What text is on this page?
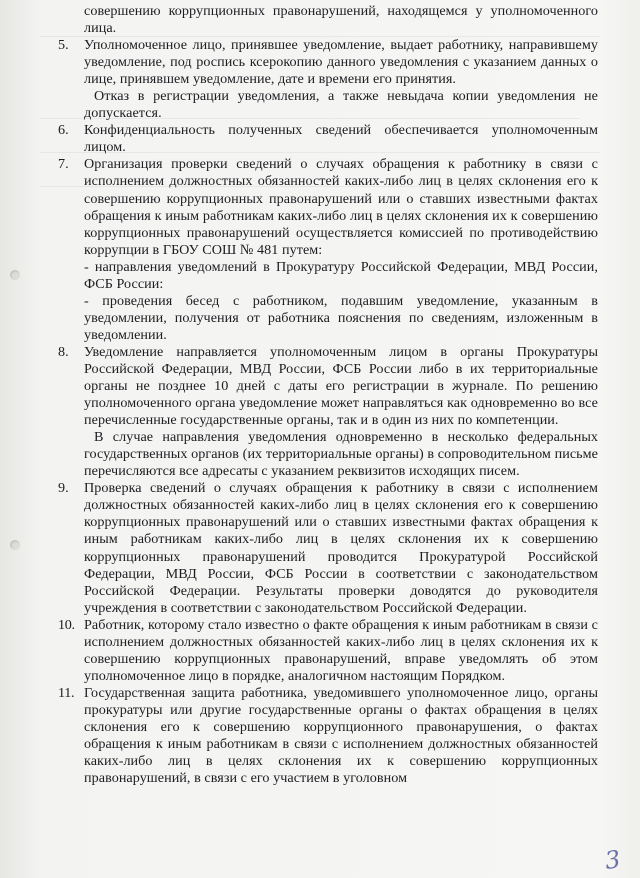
совершению коррупционных правонарушений, находящемся у уполномоченного лица.

5.	Уполномоченное лицо, принявшее уведомление, выдает работнику, направившему уведомление, под роспись ксерокопию данного уведомления с указанием данных о лице, принявшем уведомление, дате и времени его принятия.

Отказ в регистрации уведомления, а также невыдача копии уведомления не допускается.

6.	Конфиденциальность полученных сведений обеспечивается уполномоченным лицом.

7.	Организация проверки сведений о случаях обращения к работнику в связи с исполнением должностных обязанностей каких-либо лиц в целях склонения его к совершению коррупционных правонарушений или о ставших известными фактах обращения к иным работникам каких-либо лиц в целях склонения их к совершению коррупционных правонарушений осуществляется комиссией по противодействию коррупции в ГБОУ СОШ № 481 путем:

- направления уведомлений в Прокуратуру Российской Федерации, МВД России, ФСБ России:

- проведения бесед с работником, подавшим уведомление, указанным в уведомлении, получения от работника пояснения по сведениям, изложенным в уведомлении.

8.	Уведомление направляется уполномоченным лицом в органы Прокуратуры Российской Федерации, МВД России, ФСБ России либо в их территориальные органы не позднее 10 дней с даты его регистрации в журнале. По решению уполномоченного органа уведомление может направляться как одновременно во все перечисленные государственные органы, так и в один из них по компетенции.

В случае направления уведомления одновременно в несколько федеральных государственных органов (их территориальные органы) в сопроводительном письме перечисляются все адресаты с указанием реквизитов исходящих писем.

9.	Проверка сведений о случаях обращения к работнику в связи с исполнением должностных обязанностей каких-либо лиц в целях склонения его к совершению коррупционных правонарушений или о ставших известными фактах обращения к иным работникам каких-либо лиц в целях склонения их к совершению коррупционных правонарушений проводится Прокуратурой Российской Федерации, МВД России, ФСБ России в соответствии с законодательством Российской Федерации. Результаты проверки доводятся до руководителя учреждения в соответствии с законодательством Российской Федерации.

10. Работник, которому стало известно о факте обращения к иным работникам в связи с исполнением должностных обязанностей каких-либо лиц в целях склонения их к совершению коррупционных правонарушений, вправе уведомлять об этом уполномоченное лицо в порядке, аналогичном настоящим Порядком.

11. Государственная защита работника, уведомившего уполномоченное лицо, органы прокуратуры или другие государственные органы о фактах обращения в целях склонения его к совершению коррупционного правонарушения, о фактах обращения к иным работникам в связи с исполнением должностных обязанностей каких-либо лиц в целях склонения их к совершению коррупционных правонарушений, в связи с его участием в уголовном

3
